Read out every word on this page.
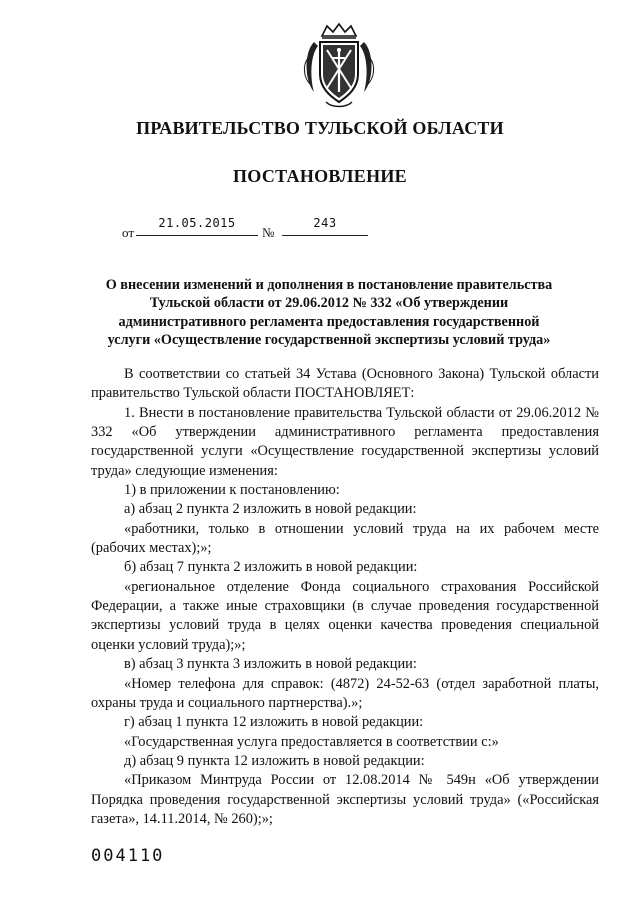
ПРАВИТЕЛЬСТВО ТУЛЬСКОЙ ОБЛАСТИ
ПОСТАНОВЛЕНИЕ
от
21.05.2015
№
243
О внесении изменений и дополнения в постановление правительства Тульской области от 29.06.2012 № 332 «Об утверждении административного регламента предоставления государственной услуги «Осуществление государственной экспертизы условий труда»

В соответствии со статьей 34 Устава (Основного Закона) Тульской области правительство Тульской области ПОСТАНОВЛЯЕТ:

1. Внести в постановление правительства Тульской области от 29.06.2012 № 332 «Об утверждении административного регламента предоставления государственной услуги «Осуществление государственной экспертизы условий труда» следующие изменения:

1) в приложении к постановлению:

а) абзац 2 пункта 2 изложить в новой редакции:

«работники, только в отношении условий труда на их рабочем месте (рабочих местах);»;

б) абзац 7 пункта 2 изложить в новой редакции:

«региональное отделение Фонда социального страхования Российской Федерации, а также иные страховщики (в случае проведения государственной экспертизы условий труда в целях оценки качества проведения специальной оценки условий труда);»;

в) абзац 3 пункта 3 изложить в новой редакции:

«Номер телефона для справок: (4872) 24-52-63 (отдел заработной платы, охраны труда и социального партнерства).»;

г) абзац 1 пункта 12 изложить в новой редакции:

«Государственная услуга предоставляется в соответствии с:»

д) абзац 9 пункта 12 изложить в новой редакции:

«Приказом Минтруда России от 12.08.2014 № 549н «Об утверждении Порядка проведения государственной экспертизы условий труда» («Российская газета», 14.11.2014, № 260);»;

004110
